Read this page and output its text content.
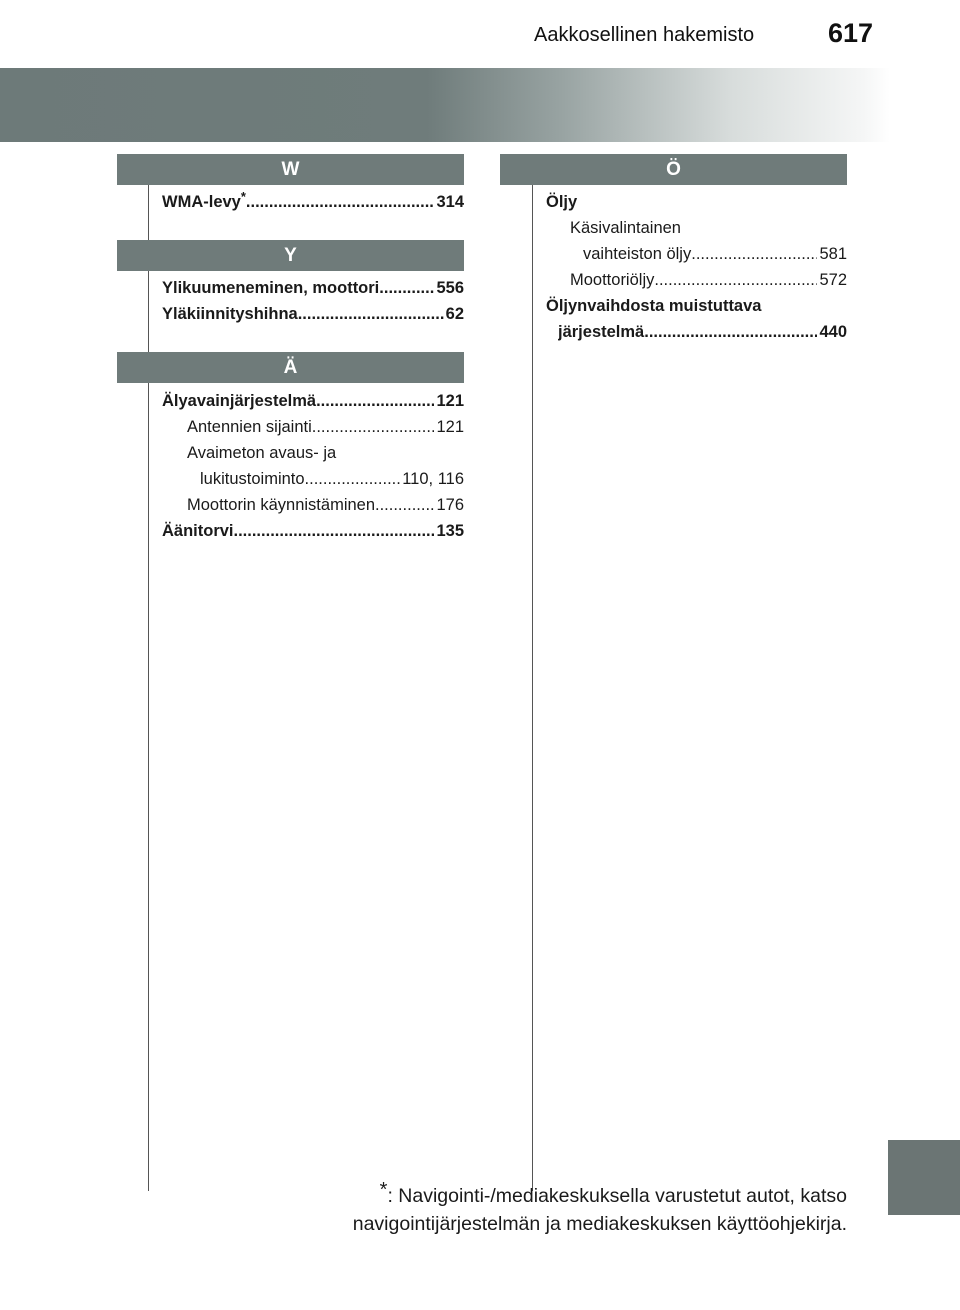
Aakkosellinen hakemisto	617
W
WMA-levy* .....	314
Y
Ylikuumeneminen, moottori .....	556
Yläkiinnityshihna .....	62
Ä
Älyavainjärjestelmä .....	121
Antennien sijainti .....	121
Avaimeton avaus- ja
lukitustoiminto .....	110, 116
Moottorin käynnistäminen .....	176
Äänitorvi .....	135
Ö
Öljy
Käsivalintainen
vaihteiston öljy .....	581
Moottoriöljy .....	572
Öljynvaihdosta muistuttava
järjestelmä .....	440
*: Navigointi-/mediakeskuksella varustetut autot, katso
navigointijärjestelmän ja mediakeskuksen käyttöohjekirja.
